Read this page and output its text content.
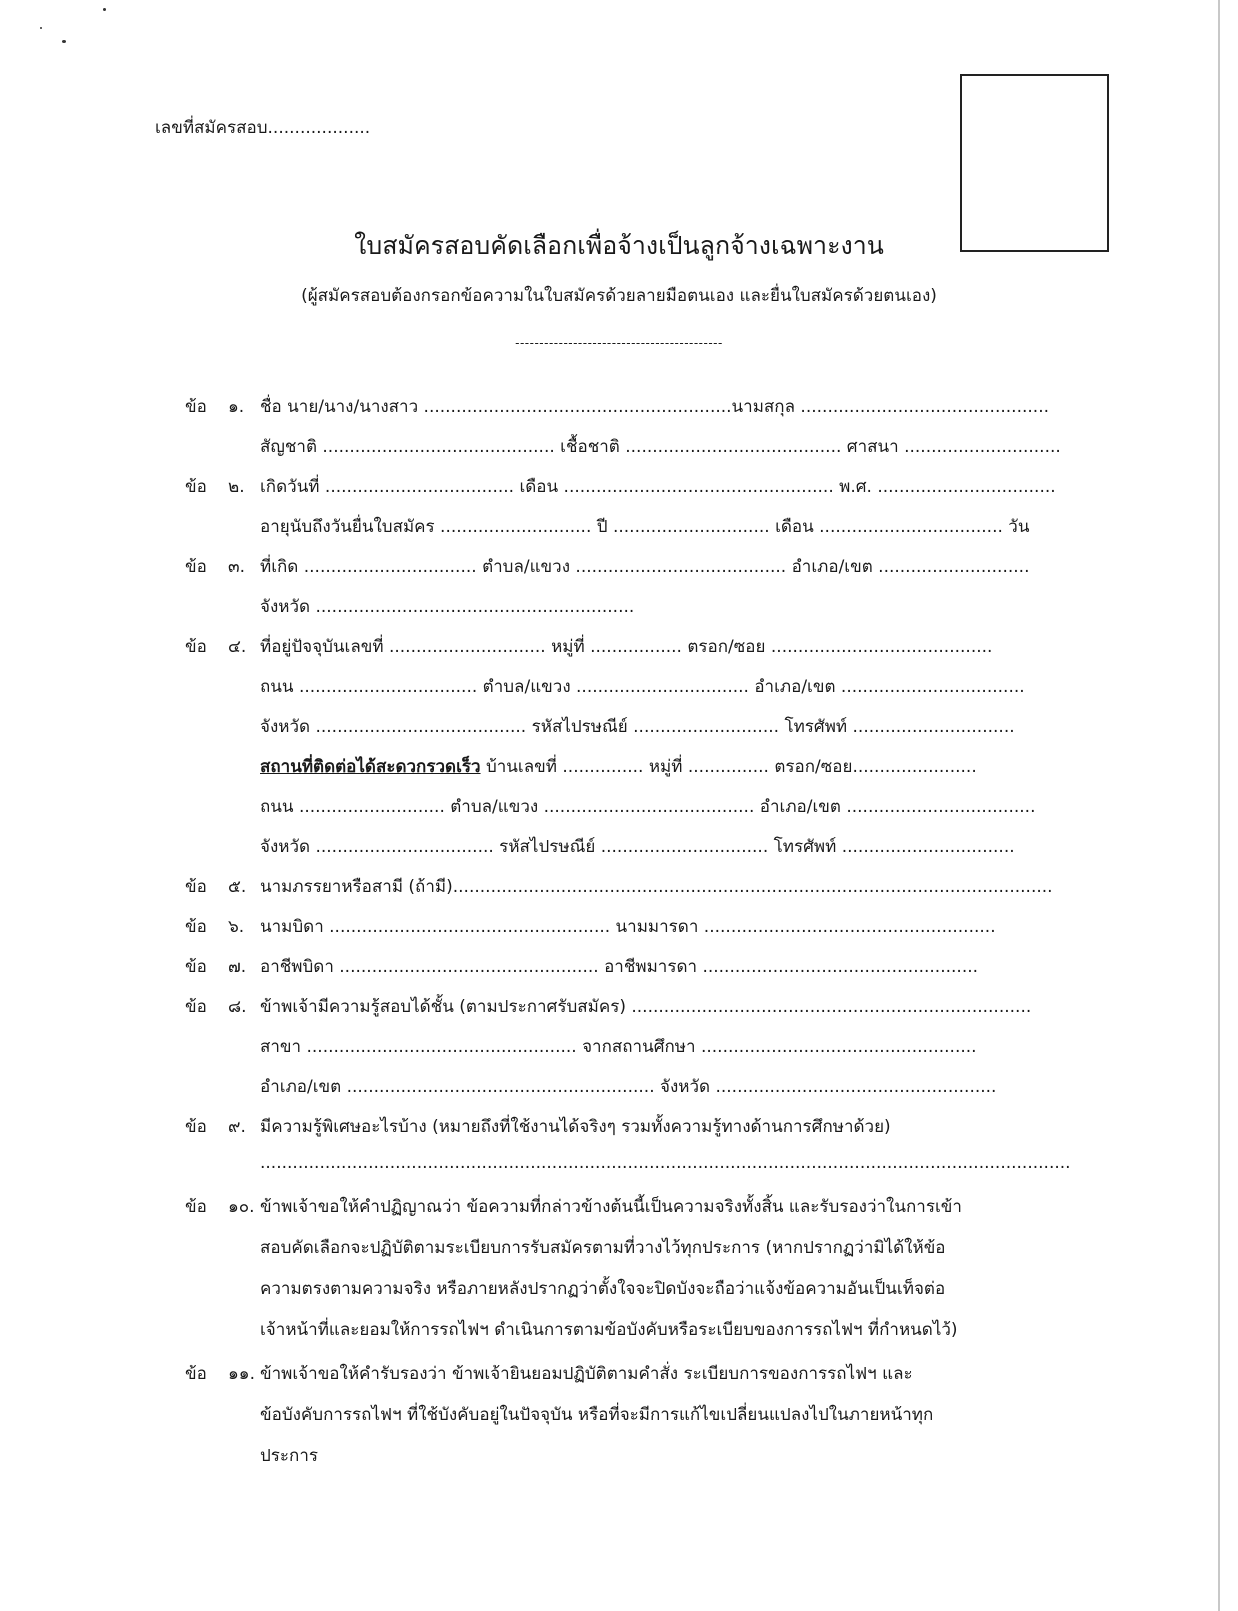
เลขที่สมัครสอบ...................
ใบสมัครสอบคัดเลือกเพื่อจ้างเป็นลูกจ้างเฉพาะงาน
(ผู้สมัครสอบต้องกรอกข้อความในใบสมัครด้วยลายมือตนเอง และยื่นใบสมัครด้วยตนเอง)
-------------------------------------------
ข้อ ๑. ชื่อ นาย/นาง/นางสาว .........................................................นามสกุล ..............................................
สัญชาติ ........................................... เชื้อชาติ ........................................ ศาสนา .............................
ข้อ ๒. เกิดวันที่ ................................... เดือน .................................................. พ.ศ. .................................
อายุนับถึงวันยื่นใบสมัคร ............................ ปี ............................. เดือน .................................. วัน
ข้อ ๓. ที่เกิด ................................ ตำบล/แขวง ....................................... อำเภอ/เขต ............................
จังหวัด ...........................................................
ข้อ ๔. ที่อยู่ปัจจุบันเลขที่ ............................. หมู่ที่ ................. ตรอก/ซอย .........................................
ถนน ................................. ตำบล/แขวง ................................ อำเภอ/เขต ..................................
จังหวัด ....................................... รหัสไปรษณีย์ ........................... โทรศัพท์ ..............................
สถานที่ติดต่อได้สะดวกรวดเร็ว บ้านเลขที่ ............... หมู่ที่ ............... ตรอก/ซอย.......................
ถนน ........................... ตำบล/แขวง ....................................... อำเภอ/เขต ...................................
จังหวัด ................................. รหัสไปรษณีย์ ............................... โทรศัพท์ ................................
ข้อ ๕. นามภรรยาหรือสามี (ถ้ามี)...............................................................................................................
ข้อ ๖. นามบิดา .................................................... นามมารดา ......................................................
ข้อ ๗. อาชีพบิดา ................................................ อาชีพมารดา ...................................................
ข้อ ๘. ข้าพเจ้ามีความรู้สอบได้ชั้น (ตามประกาศรับสมัคร) ..........................................................................
สาขา .................................................. จากสถานศึกษา ...................................................
อำเภอ/เขต ......................................................... จังหวัด ....................................................
ข้อ ๙. มีความรู้พิเศษอะไรบ้าง (หมายถึงที่ใช้งานได้จริงๆ รวมทั้งความรู้ทางด้านการศึกษาด้วย)
......................................................................................................................................................
ข้อ ๑๐. ข้าพเจ้าขอให้คำปฏิญาณว่า ข้อความที่กล่าวข้างต้นนี้เป็นความจริงทั้งสิ้น และรับรองว่าในการเข้า
สอบคัดเลือกจะปฏิบัติตามระเบียบการรับสมัครตามที่วางไว้ทุกประการ (หากปรากฏว่ามิได้ให้ข้อ
ความตรงตามความจริง หรือภายหลังปรากฏว่าตั้งใจจะปิดบังจะถือว่าแจ้งข้อความอันเป็นเท็จต่อ
เจ้าหน้าที่และยอมให้การรถไฟฯ ดำเนินการตามข้อบังคับหรือระเบียบของการรถไฟฯ ที่กำหนดไว้)
ข้อ ๑๑. ข้าพเจ้าขอให้คำรับรองว่า ข้าพเจ้ายินยอมปฏิบัติตามคำสั่ง ระเบียบการของการรถไฟฯ และ
ข้อบังคับการรถไฟฯ ที่ใช้บังคับอยู่ในปัจจุบัน หรือที่จะมีการแก้ไขเปลี่ยนแปลงไปในภายหน้าทุก
ประการ
